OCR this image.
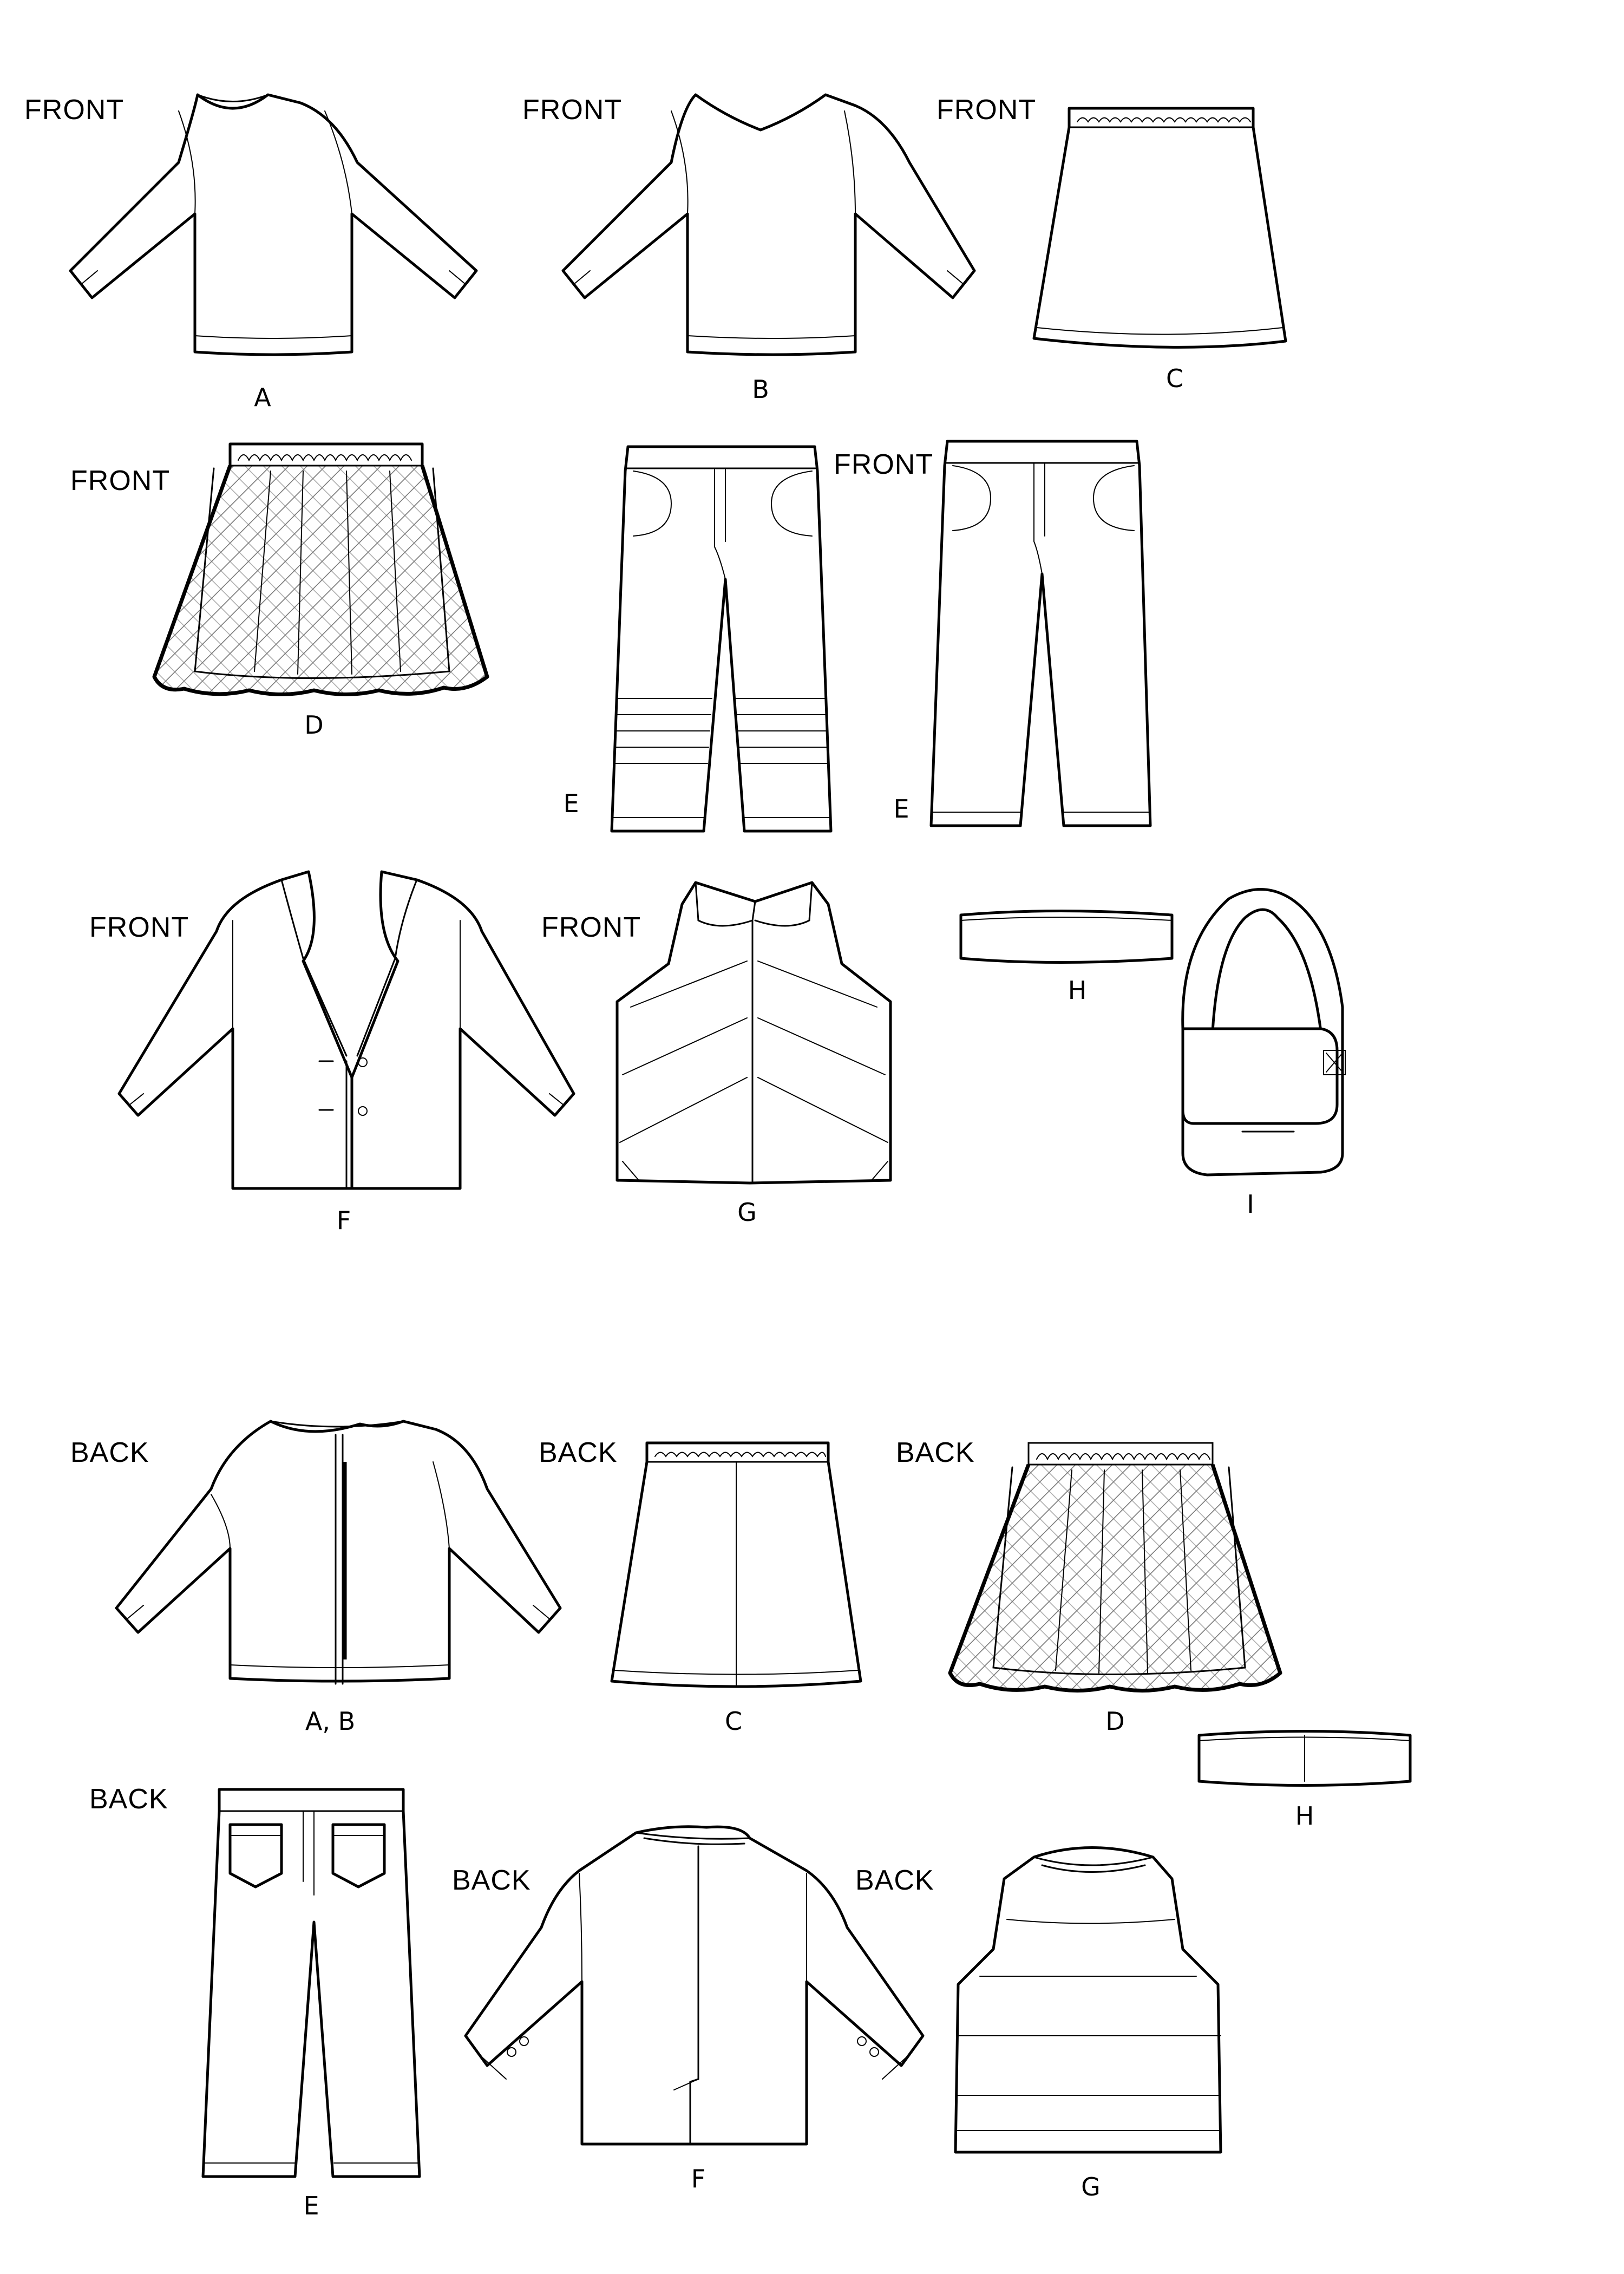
FRONT
A
FRONT
B
FRONT
C
FRONT
D
E
FRONT
E
FRONT
F
FRONT
G
H
I
BACK
A, B
BACK
C
BACK
D
H
BACK
E
BACK
F
BACK
G
